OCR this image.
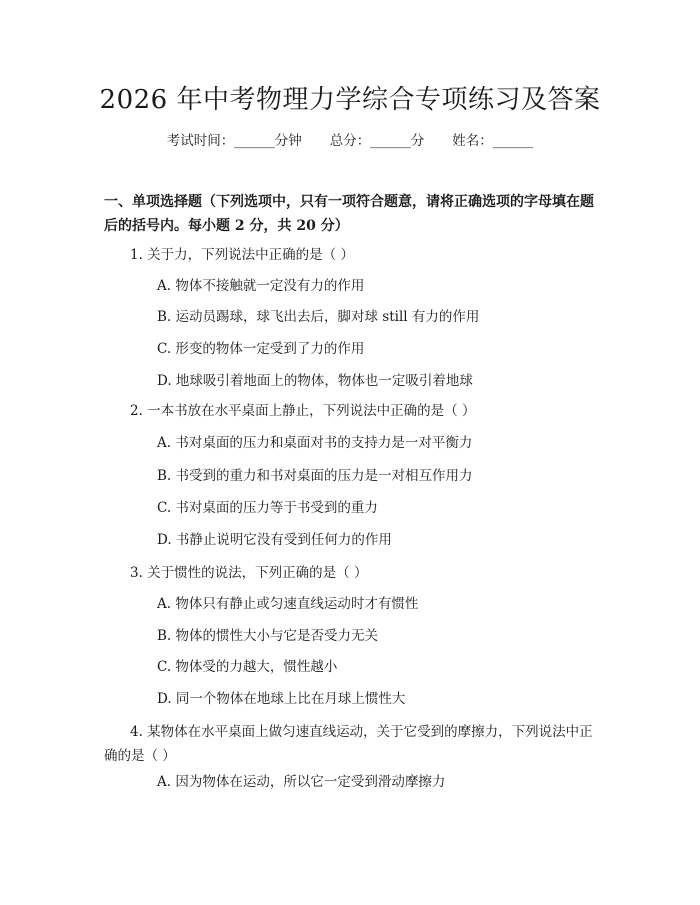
2026 年中考物理力学综合专项练习及答案
考试时间：______分钟 总分：______分 姓名：______
一、单项选择题（下列选项中，只有一项符合题意，请将正确选项的字母填在题后的括号内。每小题 2 分，共 20 分）
1. 关于力，下列说法中正确的是（ ）
A. 物体不接触就一定没有力的作用
B. 运动员踢球，球飞出去后，脚对球 still 有力的作用
C. 形变的物体一定受到了力的作用
D. 地球吸引着地面上的物体，物体也一定吸引着地球
2. 一本书放在水平桌面上静止，下列说法中正确的是（ ）
A. 书对桌面的压力和桌面对书的支持力是一对平衡力
B. 书受到的重力和书对桌面的压力是一对相互作用力
C. 书对桌面的压力等于书受到的重力
D. 书静止说明它没有受到任何力的作用
3. 关于惯性的说法，下列正确的是（ ）
A. 物体只有静止或匀速直线运动时才有惯性
B. 物体的惯性大小与它是否受力无关
C. 物体受的力越大，惯性越小
D. 同一个物体在地球上比在月球上惯性大
4. 某物体在水平桌面上做匀速直线运动，关于它受到的摩擦力，下列说法中正确的是（ ）
A. 因为物体在运动，所以它一定受到滑动摩擦力
